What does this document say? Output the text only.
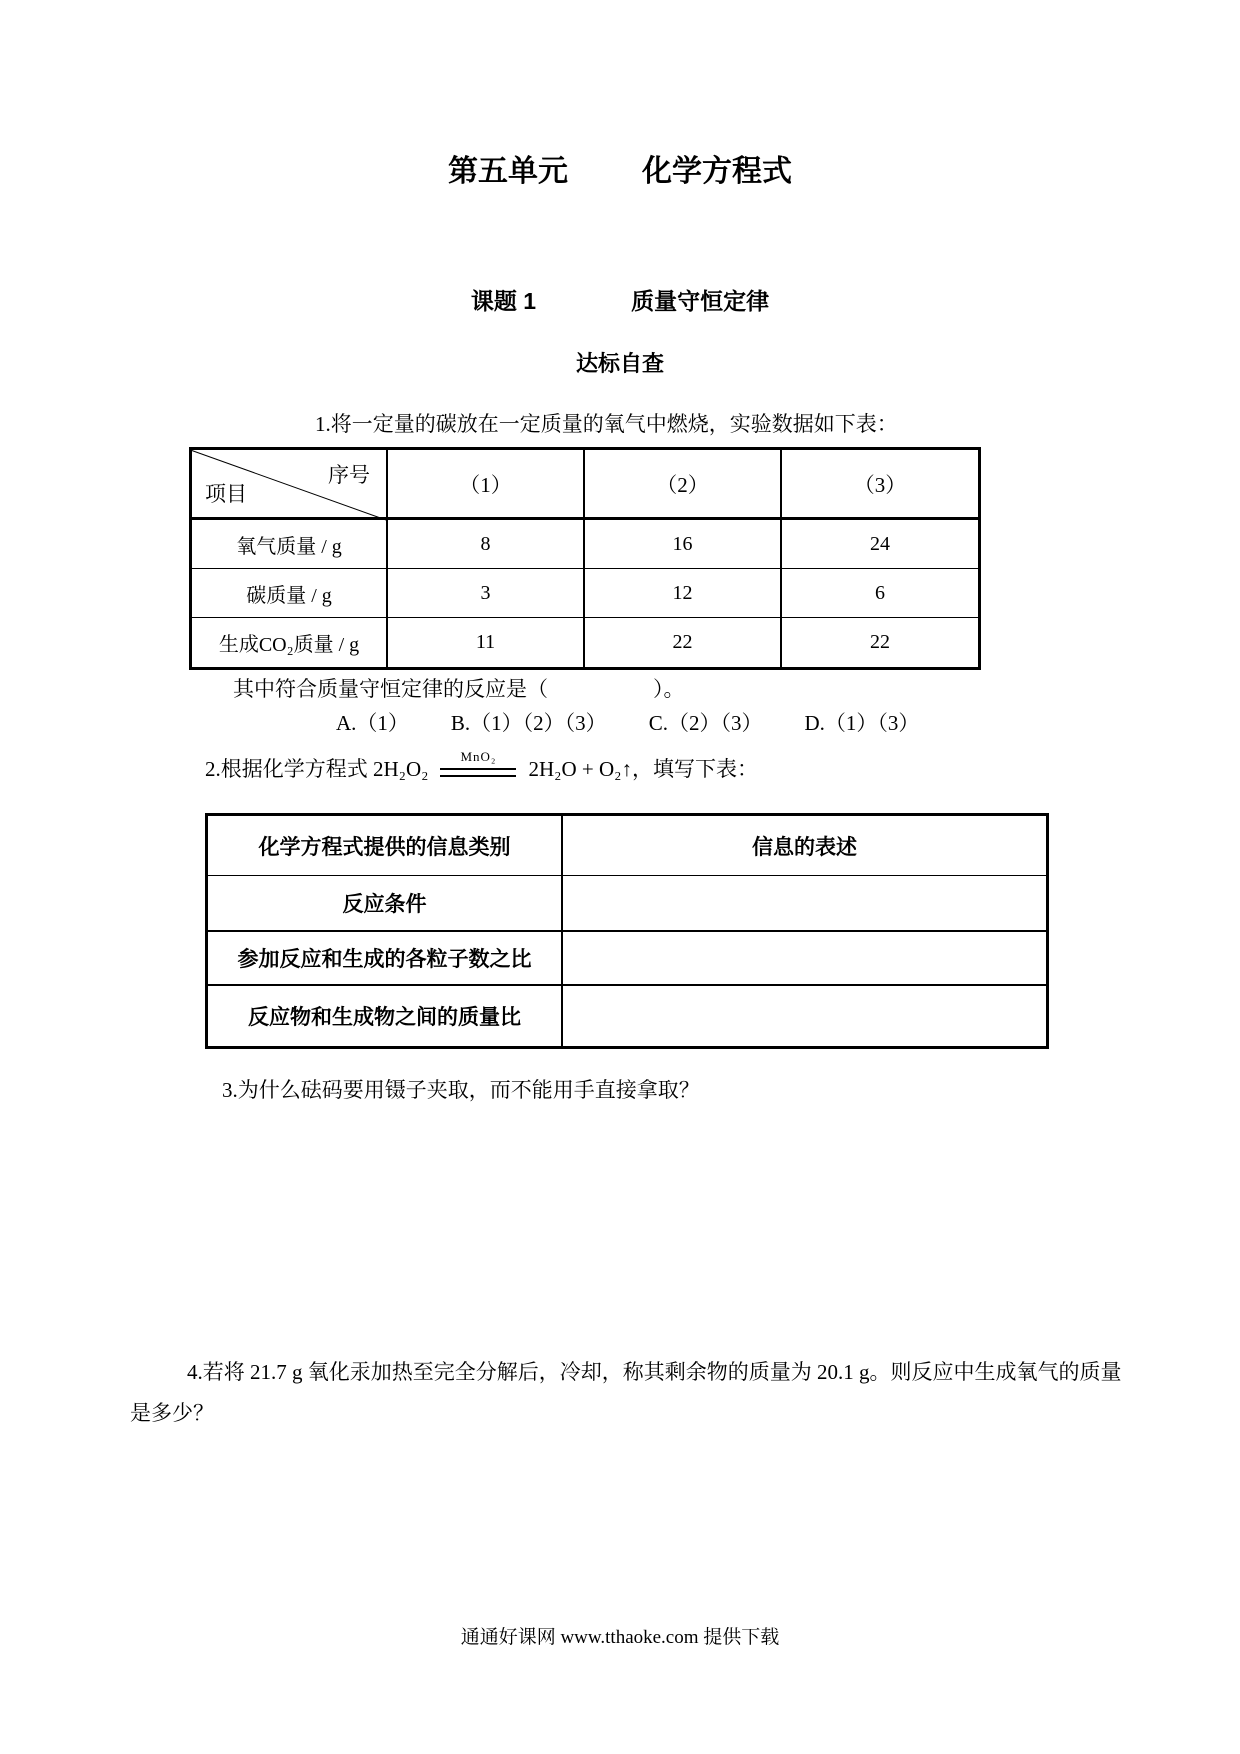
第五单元 化学方程式
课题 1	质量守恒定律
达标自查
1.将一定量的碳放在一定质量的氧气中燃烧，实验数据如下表：
序号
项目	（1）	（2）	（3）
氧气质量 / g	8	16	24
碳质量 / g	3	12	6
生成CO₂质量 / g	11	22	22
其中符合质量守恒定律的反应是（　　　　　）。
A.（1） B.（1）（2）（3） C.（2）（3） D.（1）（3）
2.根据化学方程式 2H₂O₂
MnO₂
2H₂O + O₂↑，填写下表：
化学方程式提供的信息类别	信息的表述
反应条件
参加反应和生成的各粒子数之比
反应物和生成物之间的质量比
3.为什么砝码要用镊子夹取，而不能用手直接拿取？
4.若将 21.7 g 氧化汞加热至完全分解后，冷却，称其剩余物的质量为 20.1 g。则反应中生成氧气的质量是多少？
通通好课网 www.tthaoke.com 提供下载
